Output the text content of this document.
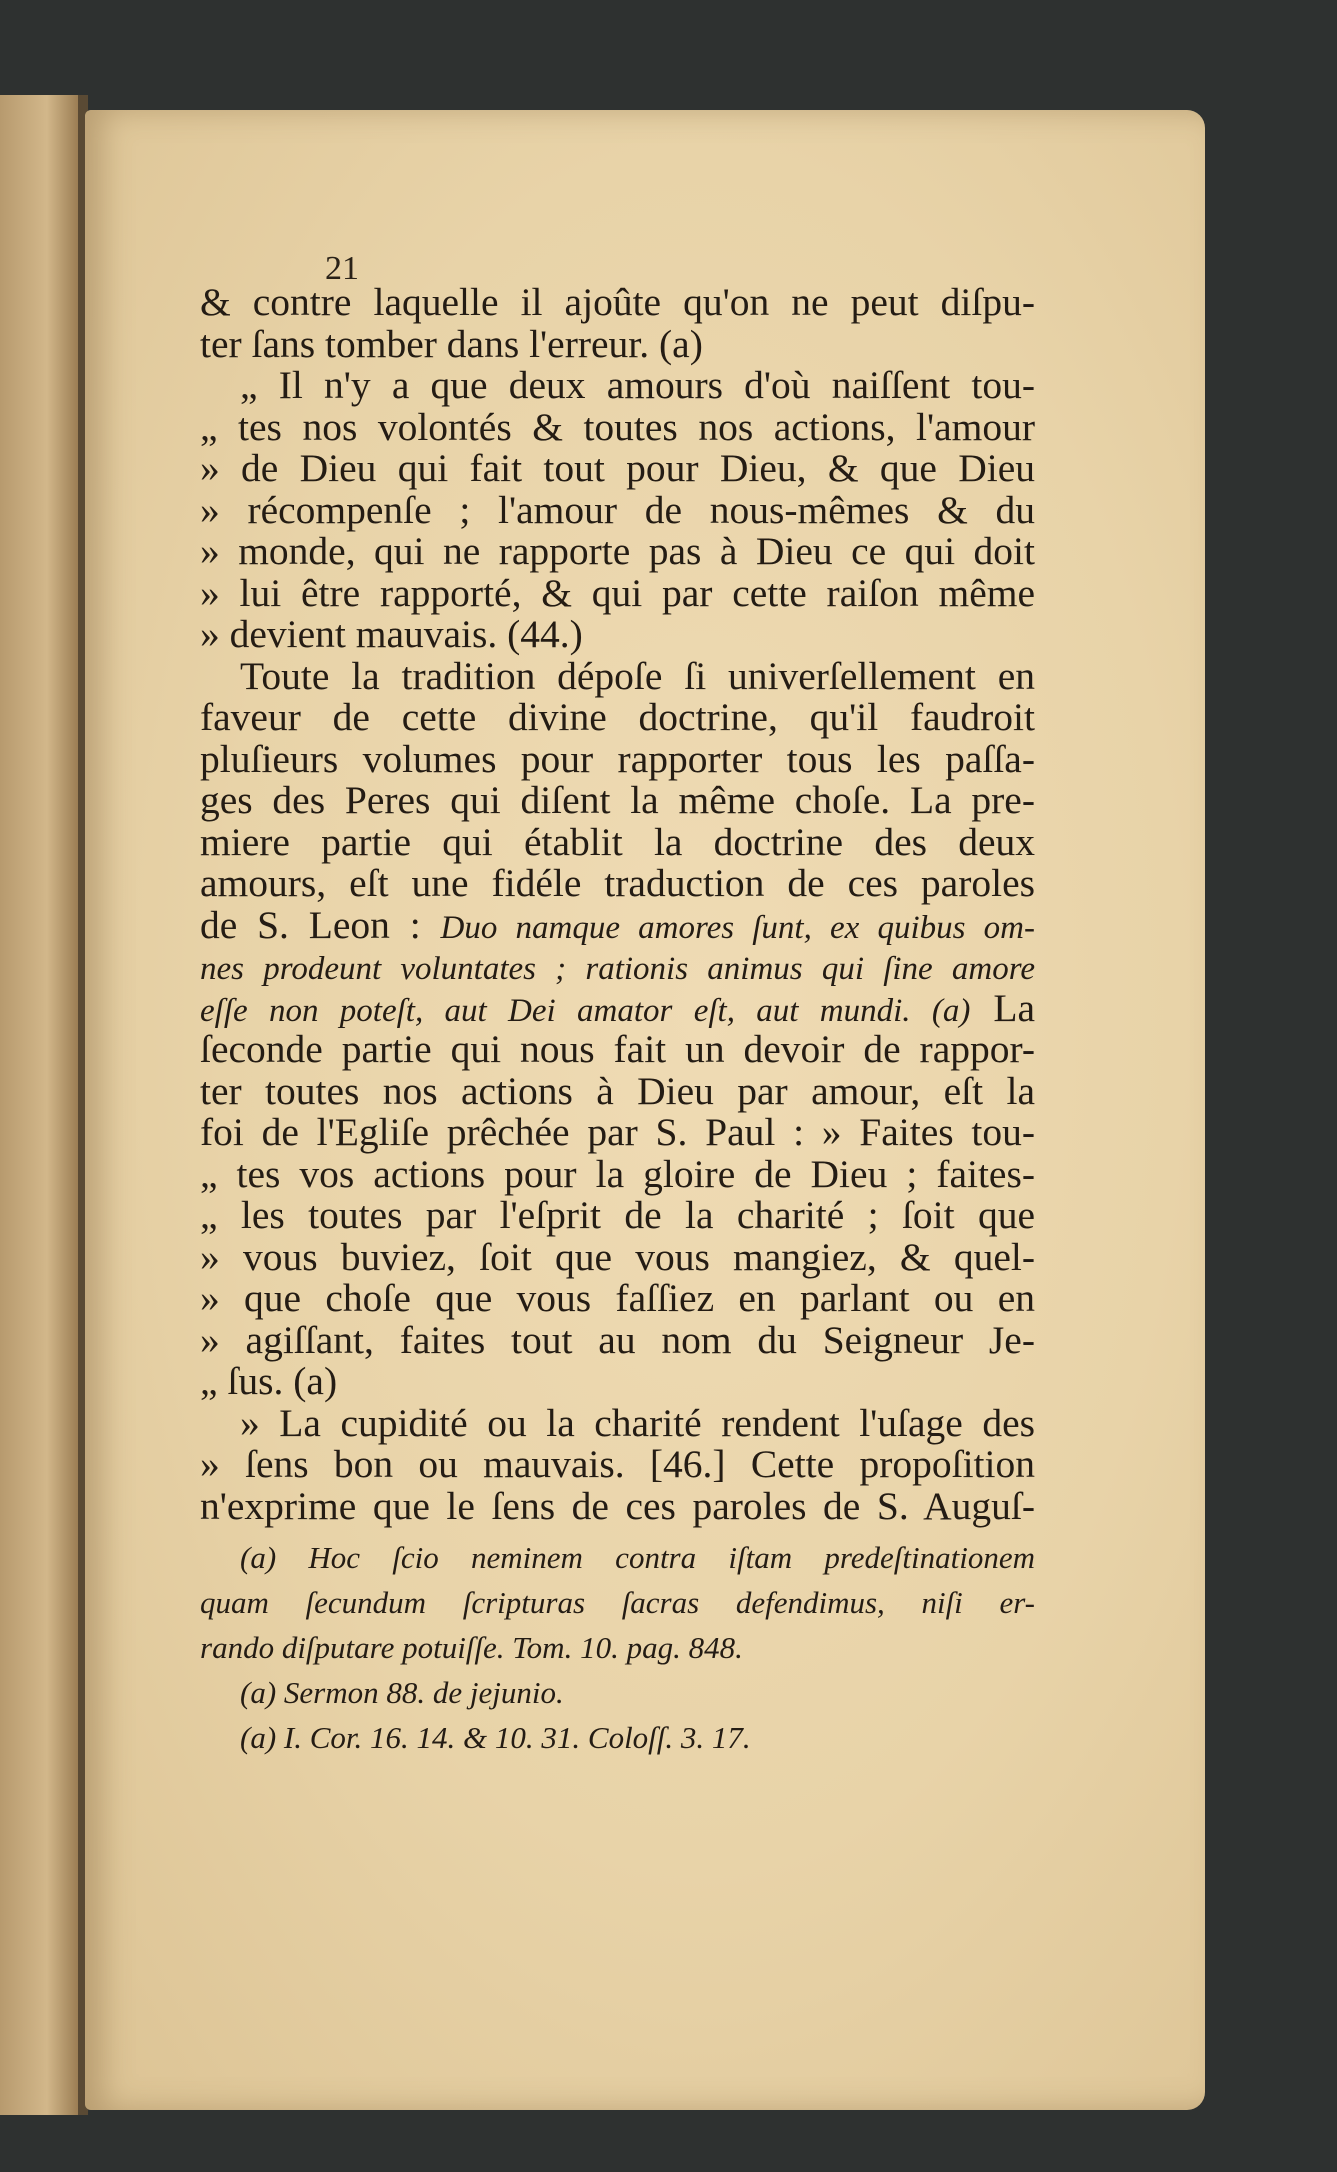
21
& contre laquelle il ajoûte qu'on ne peut diſpu-
ter ſans tomber dans l'erreur. (a)
„ Il n'y a que deux amours d'où naiſſent tou-
„ tes nos volontés & toutes nos actions, l'amour
» de Dieu qui fait tout pour Dieu, & que Dieu
» récompenſe ; l'amour de nous-mêmes & du
» monde, qui ne rapporte pas à Dieu ce qui doit
» lui être rapporté, & qui par cette raiſon même
» devient mauvais. (44.)
Toute la tradition dépoſe ſi univerſellement en
faveur de cette divine doctrine, qu'il faudroit
pluſieurs volumes pour rapporter tous les paſſa-
ges des Peres qui diſent la même choſe. La pre-
miere partie qui établit la doctrine des deux
amours, eſt une fidéle traduction de ces paroles
de S. Leon : Duo namque amores ſunt, ex quibus om-
nes prodeunt voluntates ; rationis animus qui ſine amore
eſſe non poteſt, aut Dei amator eſt, aut mundi. (a) La
ſeconde partie qui nous fait un devoir de rappor-
ter toutes nos actions à Dieu par amour, eſt la
foi de l'Egliſe prêchée par S. Paul : » Faites tou-
„ tes vos actions pour la gloire de Dieu ; faites-
„ les toutes par l'eſprit de la charité ; ſoit que
» vous buviez, ſoit que vous mangiez, & quel-
» que choſe que vous faſſiez en parlant ou en
» agiſſant, faites tout au nom du Seigneur Je-
„ ſus. (a)
» La cupidité ou la charité rendent l'uſage des
» ſens bon ou mauvais. [46.] Cette propoſition
n'exprime que le ſens de ces paroles de S. Auguſ-
(a) Hoc ſcio neminem contra iſtam predeſtinationem
quam ſecundum ſcripturas ſacras defendimus, niſi er-
rando diſputare potuiſſe. Tom. 10. pag. 848.
(a) Sermon 88. de jejunio.
(a) I. Cor. 16. 14. & 10. 31. Coloſſ. 3. 17.
